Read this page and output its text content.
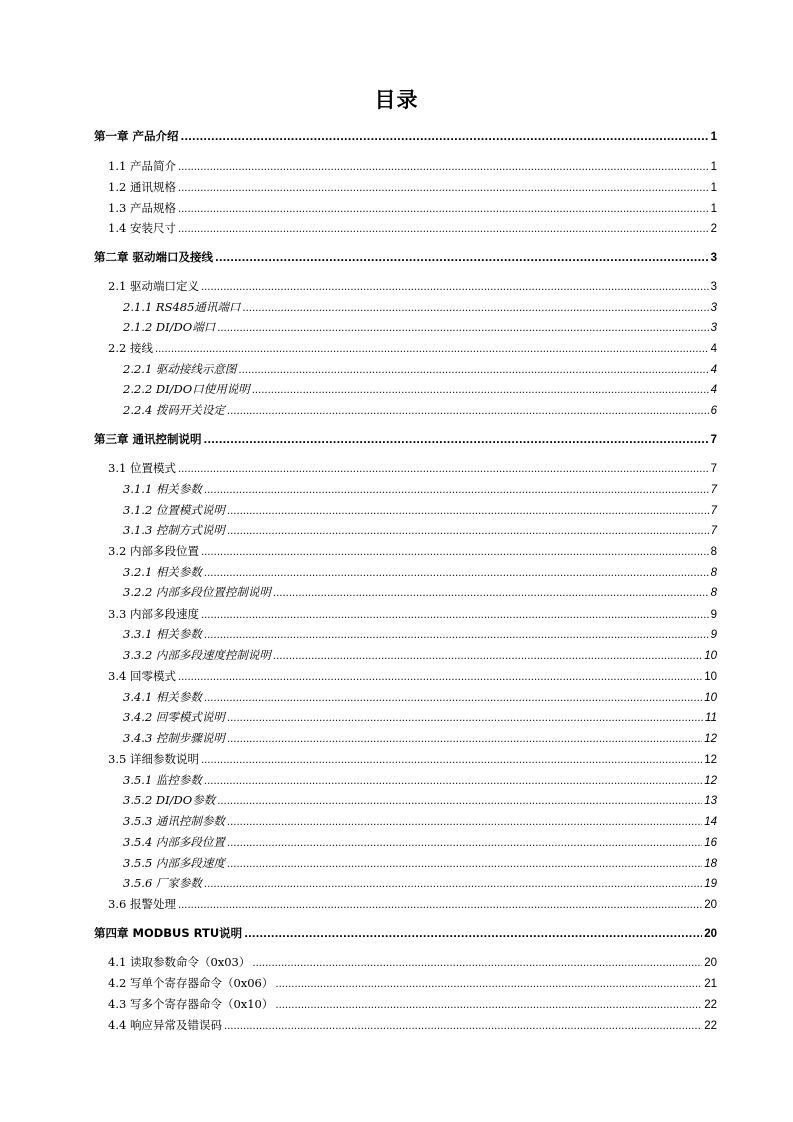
目录
第一章 产品介绍 .....	1
1.1 产品简介 .....	1
1.2 通讯规格 .....	1
1.3 产品规格 .....	1
1.4 安装尺寸 .....	2
第二章 驱动端口及接线 .....	3
2.1 驱动端口定义 .....	3
2.1.1 RS485通讯端口 .....	3
2.1.2 DI/DO端口 .....	3
2.2 接线 .....	4
2.2.1 驱动接线示意图 .....	4
2.2.2 DI/DO口使用说明 .....	4
2.2.4 拨码开关设定 .....	6
第三章 通讯控制说明 .....	7
3.1 位置模式 .....	7
3.1.1 相关参数 .....	7
3.1.2 位置模式说明 .....	7
3.1.3 控制方式说明 .....	7
3.2 内部多段位置 .....	8
3.2.1 相关参数 .....	8
3.2.2 内部多段位置控制说明 .....	8
3.3 内部多段速度 .....	9
3.3.1 相关参数 .....	9
3.3.2 内部多段速度控制说明 .....	10
3.4 回零模式 .....	10
3.4.1 相关参数 .....	10
3.4.2 回零模式说明 .....	11
3.4.3 控制步骤说明 .....	12
3.5 详细参数说明 .....	12
3.5.1 监控参数 .....	12
3.5.2 DI/DO参数 .....	13
3.5.3 通讯控制参数 .....	14
3.5.4 内部多段位置 .....	16
3.5.5 内部多段速度 .....	18
3.5.6 厂家参数 .....	19
3.6 报警处理 .....	20
第四章 MODBUS RTU说明 .....	20
4.1 读取参数命令（0x03） .....	20
4.2 写单个寄存器命令（0x06） .....	21
4.3 写多个寄存器命令（0x10） .....	22
4.4 响应异常及错误码 .....	22
